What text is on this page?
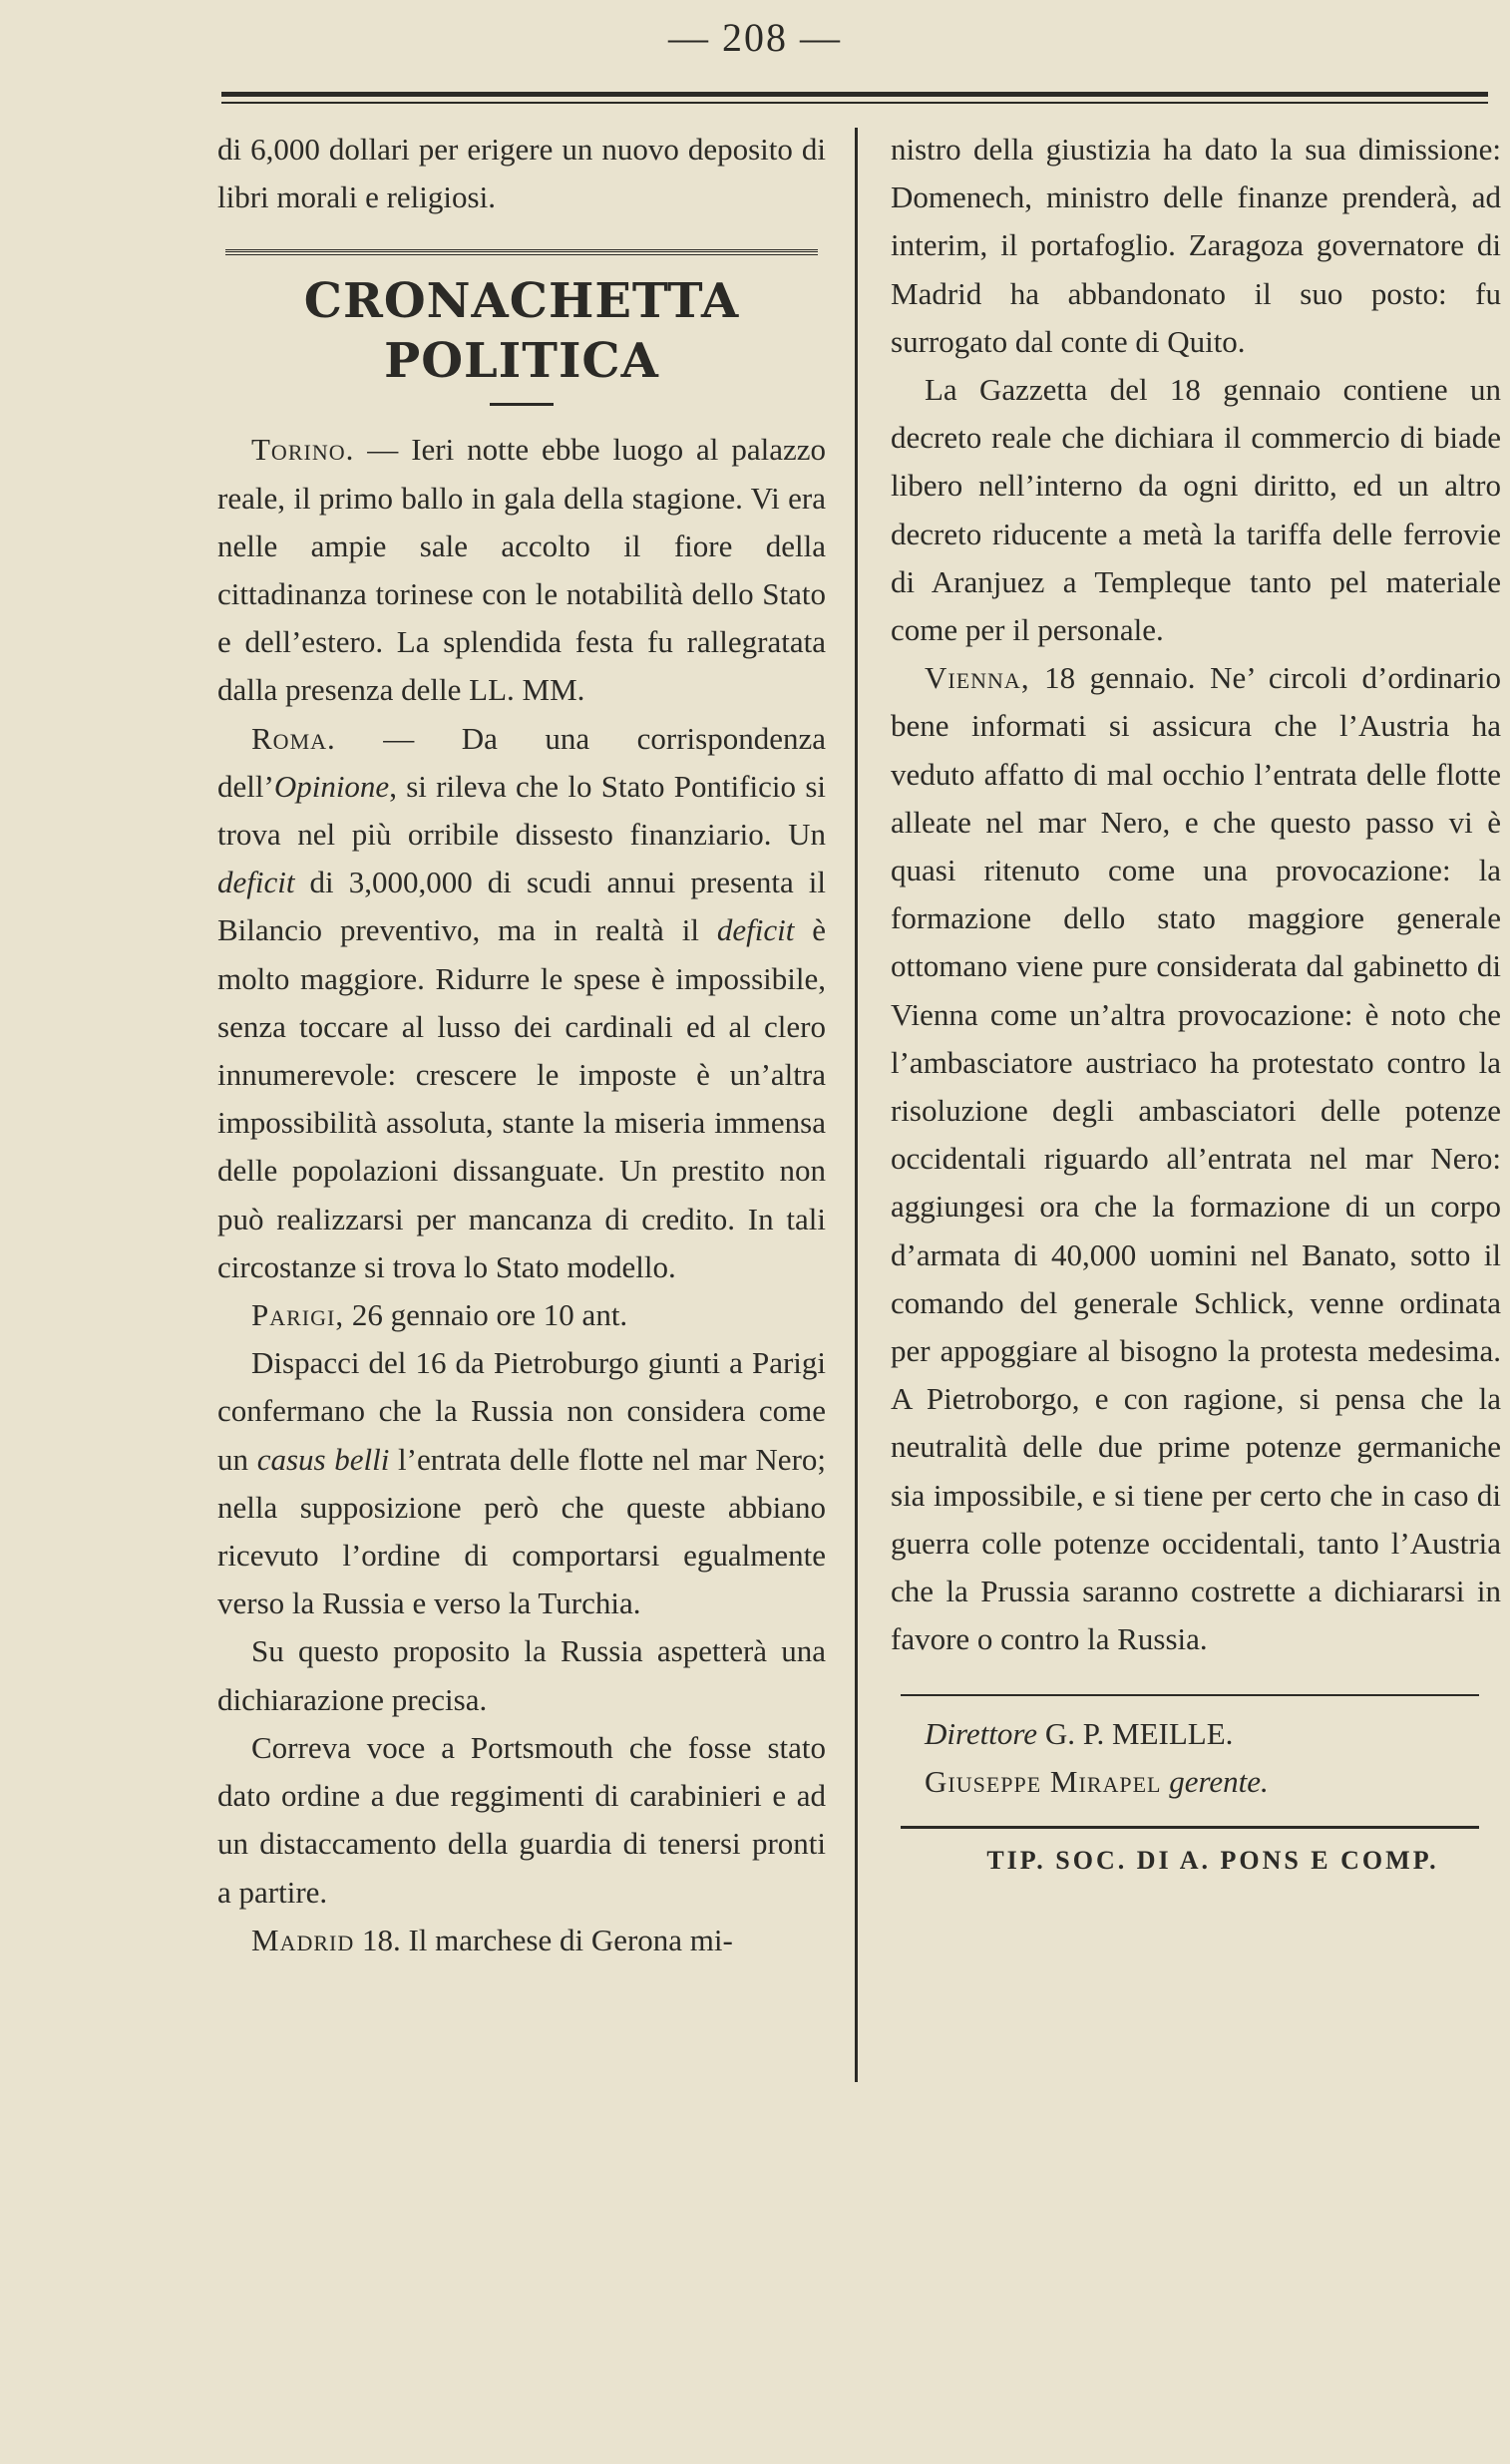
— 208 —

di 6,000 dollari per erigere un nuovo deposito di libri morali e religiosi.

CRONACHETTA POLITICA

Torino. — Ieri notte ebbe luogo al palazzo reale, il primo ballo in gala della stagione. Vi era nelle ampie sale accolto il fiore della cittadinanza torinese con le notabilità dello Stato e dell’estero. La splendida festa fu rallegratata dalla presenza delle LL. MM.

Roma. — Da una corrispondenza dell’Opinione, si rileva che lo Stato Pontificio si trova nel più orribile dissesto finanziario. Un deficit di 3,000,000 di scudi annui presenta il Bilancio preventivo, ma in realtà il deficit è molto maggiore. Ridurre le spese è impossibile, senza toccare al lusso dei cardinali ed al clero innumerevole: crescere le imposte è un’altra impossibilità assoluta, stante la miseria immensa delle popolazioni dissanguate. Un prestito non può realizzarsi per mancanza di credito. In tali circostanze si trova lo Stato modello.

Parigi, 26 gennaio ore 10 ant.

Dispacci del 16 da Pietroburgo giunti a Parigi confermano che la Russia non considera come un casus belli l’entrata delle flotte nel mar Nero; nella supposizione però che queste abbiano ricevuto l’ordine di comportarsi egualmente verso la Russia e verso la Turchia.

Su questo proposito la Russia aspetterà una dichiarazione precisa.

Correva voce a Portsmouth che fosse stato dato ordine a due reggimenti di carabinieri e ad un distaccamento della guardia di tenersi pronti a partire.

Madrid 18. Il marchese di Gerona mi-

nistro della giustizia ha dato la sua dimissione: Domenech, ministro delle finanze prenderà, ad interim, il portafoglio. Zaragoza governatore di Madrid ha abbandonato il suo posto: fu surrogato dal conte di Quito.

La Gazzetta del 18 gennaio contiene un decreto reale che dichiara il commercio di biade libero nell’interno da ogni diritto, ed un altro decreto riducente a metà la tariffa delle ferrovie di Aranjuez a Templeque tanto pel materiale come per il personale.

Vienna, 18 gennaio. Ne’ circoli d’ordinario bene informati si assicura che l’Austria ha veduto affatto di mal occhio l’entrata delle flotte alleate nel mar Nero, e che questo passo vi è quasi ritenuto come una provocazione: la formazione dello stato maggiore generale ottomano viene pure considerata dal gabinetto di Vienna come un’altra provocazione: è noto che l’ambasciatore austriaco ha protestato contro la risoluzione degli ambasciatori delle potenze occidentali riguardo all’entrata nel mar Nero: aggiungesi ora che la formazione di un corpo d’armata di 40,000 uomini nel Banato, sotto il comando del generale Schlick, venne ordinata per appoggiare al bisogno la protesta medesima. A Pietroborgo, e con ragione, si pensa che la neutralità delle due prime potenze germaniche sia impossibile, e si tiene per certo che in caso di guerra colle potenze occidentali, tanto l’Austria che la Prussia saranno costrette a dichiararsi in favore o contro la Russia.

Direttore G. P. MEILLE.

Giuseppe Mirapel gerente.

TIP. SOC. DI A. PONS E COMP.
